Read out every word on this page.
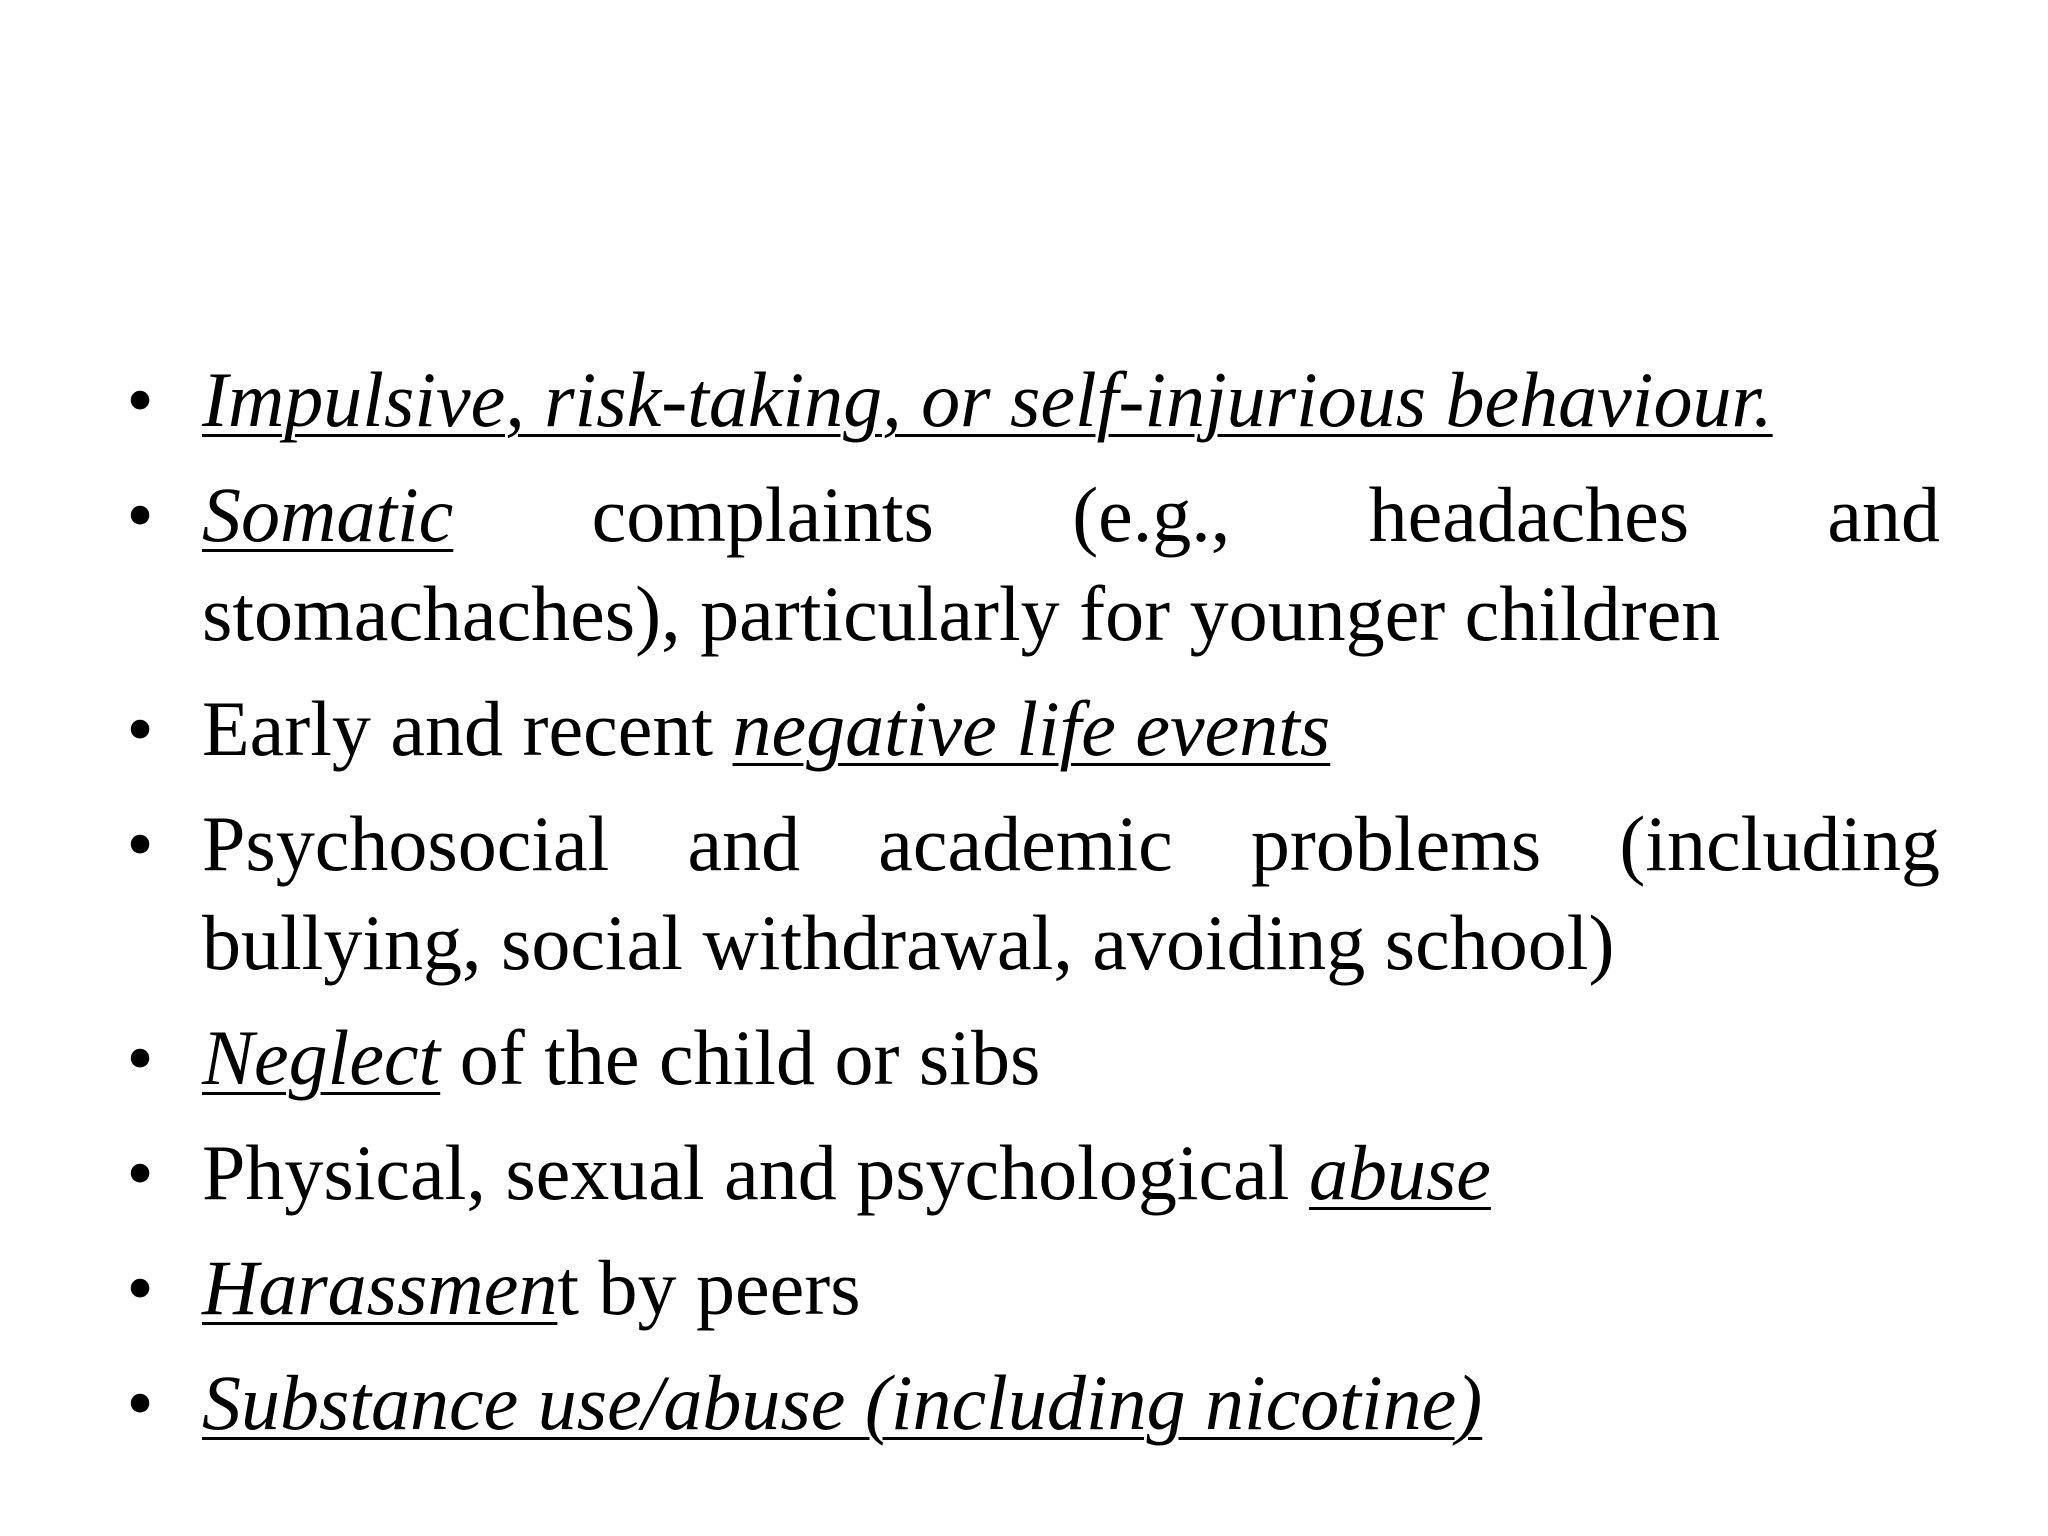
• Impulsive, risk-taking, or self-injurious behaviour.
• Somatic complaints (e.g., headaches and stomachaches), particularly for younger children
• Early and recent negative life events
• Psychosocial and academic problems (including bullying, social withdrawal, avoiding school)
• Neglect of the child or sibs
• Physical, sexual and psychological abuse
• Harassment by peers
• Substance use/abuse (including nicotine)
